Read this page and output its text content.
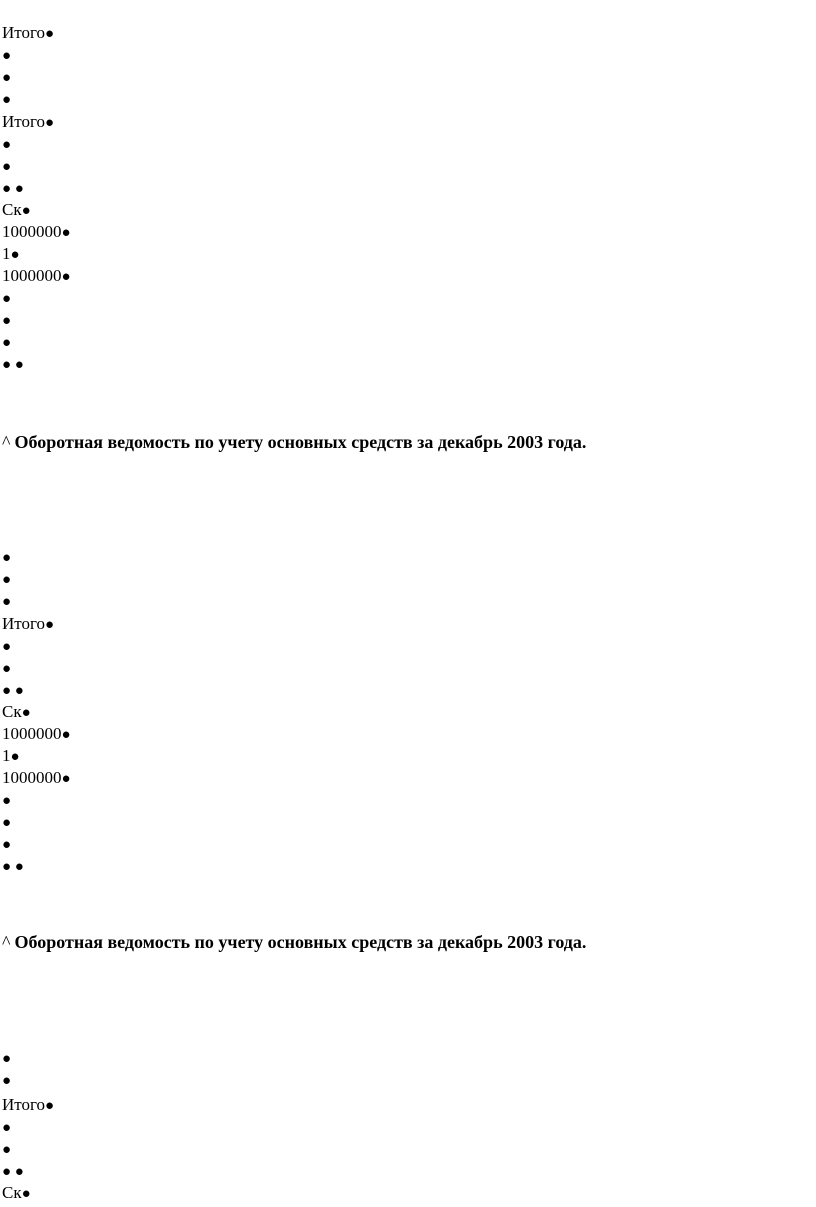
Итого●
●
●
●
Итого●
●
●
● ●
Ск●
1000000●
1●
1000000●
●
●
●
● ●
^ Оборотная ведомость по учету основных средств за декабрь 2003 года.
●
●
●
Итого●
●
●
● ●
Ск●
1000000●
1●
1000000●
●
●
●
● ●
^ Оборотная ведомость по учету основных средств за декабрь 2003 года.
●
●
Итого●
●
●
● ●
Ск●
